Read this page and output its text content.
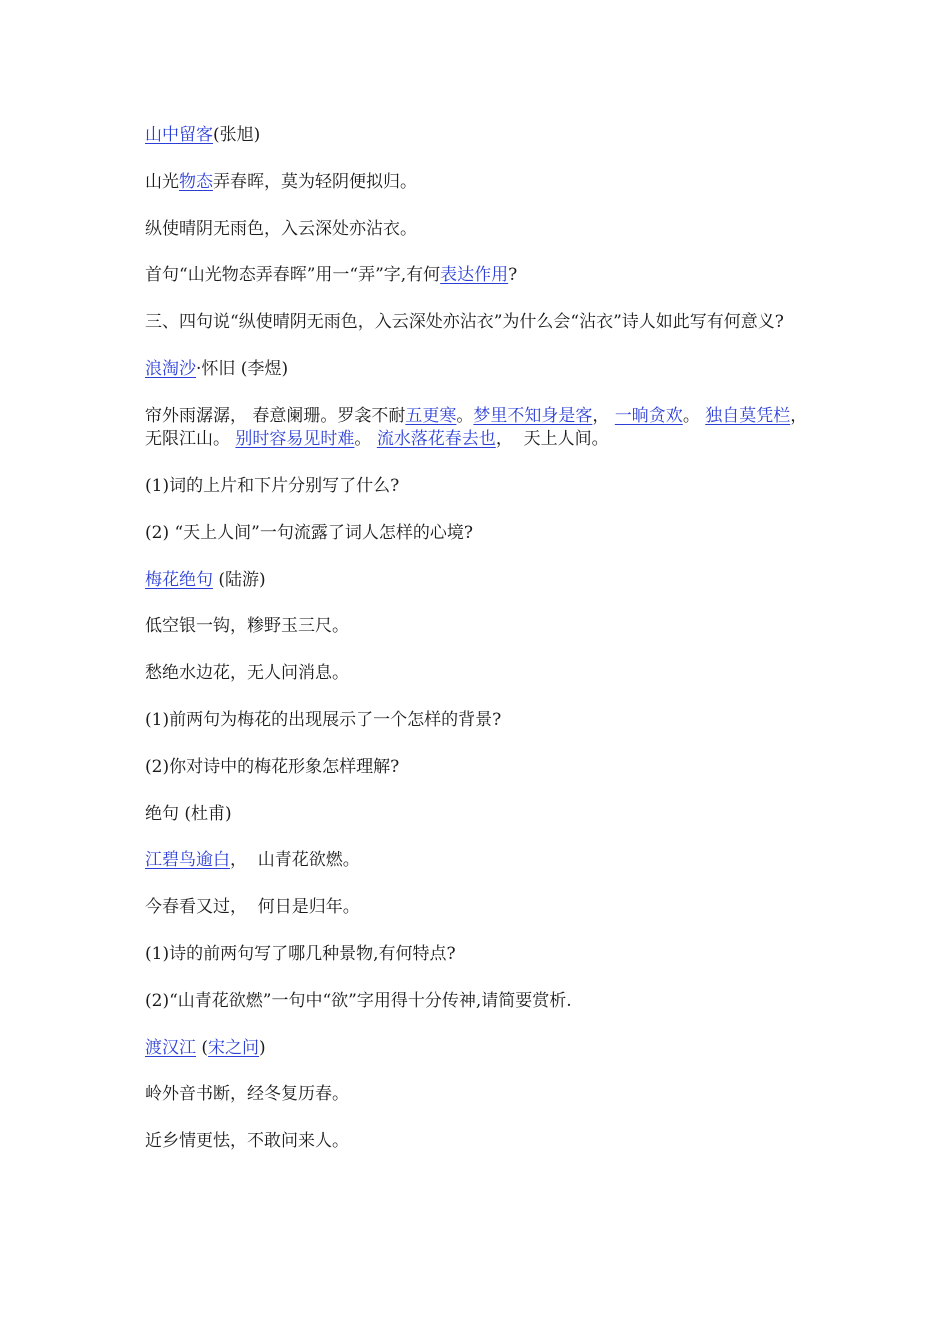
山中留客(张旭)

山光物态弄春晖，莫为轻阴便拟归。

纵使晴阴无雨色，入云深处亦沾衣。

首句“山光物态弄春晖”用一“弄”字,有何表达作用?

三、四句说“纵使晴阴无雨色，入云深处亦沾衣”为什么会“沾衣”诗人如此写有何意义?

浪淘沙·怀旧 (李煜)

帘外雨潺潺， 春意阑珊。罗衾不耐五更寒。梦里不知身是客， 一晌贪欢。 独自莫凭栏，无限江山。 别时容易见时难。 流水落花春去也，  天上人间。

(1)词的上片和下片分别写了什么?

(2) “天上人间”一句流露了词人怎样的心境?

梅花绝句 (陆游)

低空银一钩，糁野玉三尺。

愁绝水边花，无人问消息。

(1)前两句为梅花的出现展示了一个怎样的背景?

(2)你对诗中的梅花形象怎样理解?

绝句 (杜甫)

江碧鸟逾白，  山青花欲燃。

今春看又过，  何日是归年。

(1)诗的前两句写了哪几种景物,有何特点?

(2)“山青花欲燃”一句中“欲”字用得十分传神,请简要赏析.

渡汉江 (宋之问)

岭外音书断，经冬复历春。

近乡情更怯，不敢问来人。
